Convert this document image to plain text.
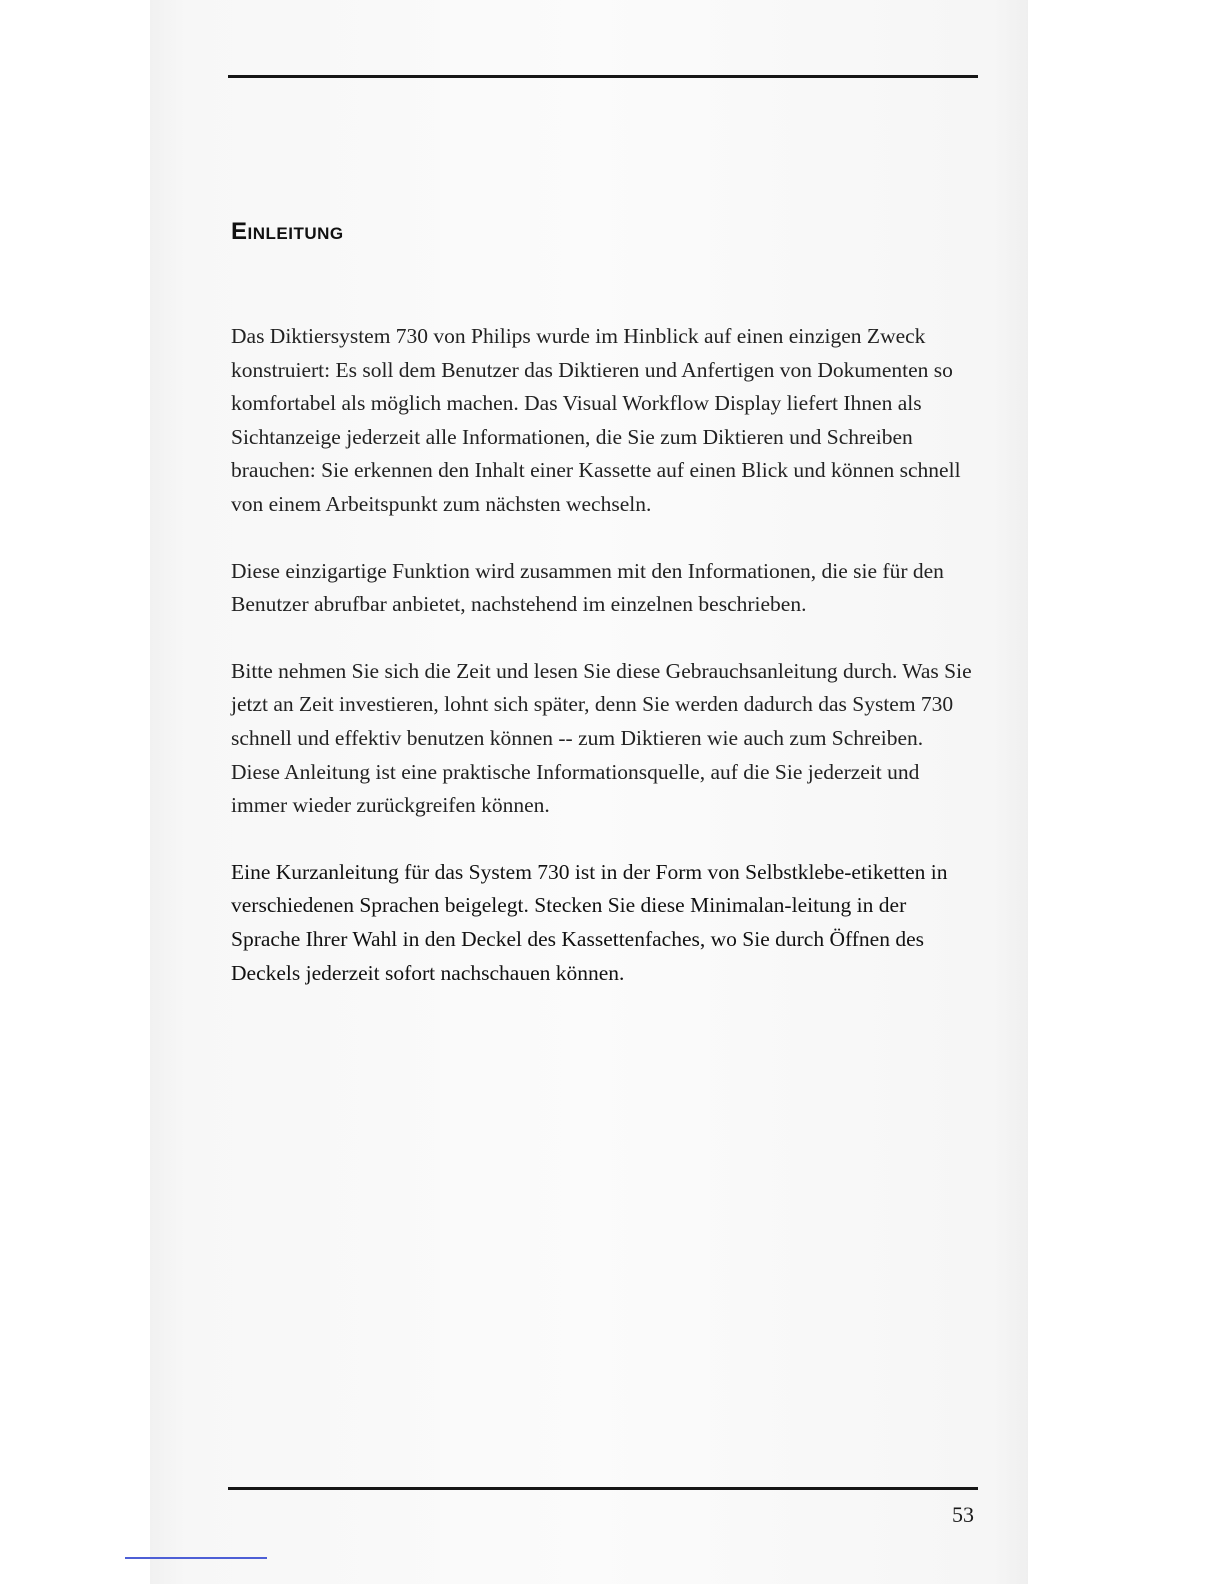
Einleitung

Das Diktiersystem 730 von Philips wurde im Hinblick auf einen einzigen Zweck konstruiert: Es soll dem Benutzer das Diktieren und Anfertigen von Dokumenten so komfortabel als möglich machen. Das Visual Workflow Display liefert Ihnen als Sichtanzeige jederzeit alle Informationen, die Sie zum Diktieren und Schreiben brauchen: Sie erkennen den Inhalt einer Kassette auf einen Blick und können schnell von einem Arbeitspunkt zum nächsten wechseln.

Diese einzigartige Funktion wird zusammen mit den Informationen, die sie für den Benutzer abrufbar anbietet, nachstehend im einzelnen beschrieben.

Bitte nehmen Sie sich die Zeit und lesen Sie diese Gebrauchsanleitung durch. Was Sie jetzt an Zeit investieren, lohnt sich später, denn Sie werden dadurch das System 730 schnell und effektiv benutzen können -- zum Diktieren wie auch zum Schreiben. Diese Anleitung ist eine praktische Informationsquelle, auf die Sie jederzeit und immer wieder zurückgreifen können.

Eine Kurzanleitung für das System 730 ist in der Form von Selbstklebe-etiketten in verschiedenen Sprachen beigelegt. Stecken Sie diese Minimalan-leitung in der Sprache Ihrer Wahl in den Deckel des Kassettenfaches, wo Sie durch Öffnen des Deckels jederzeit sofort nachschauen können.

53
